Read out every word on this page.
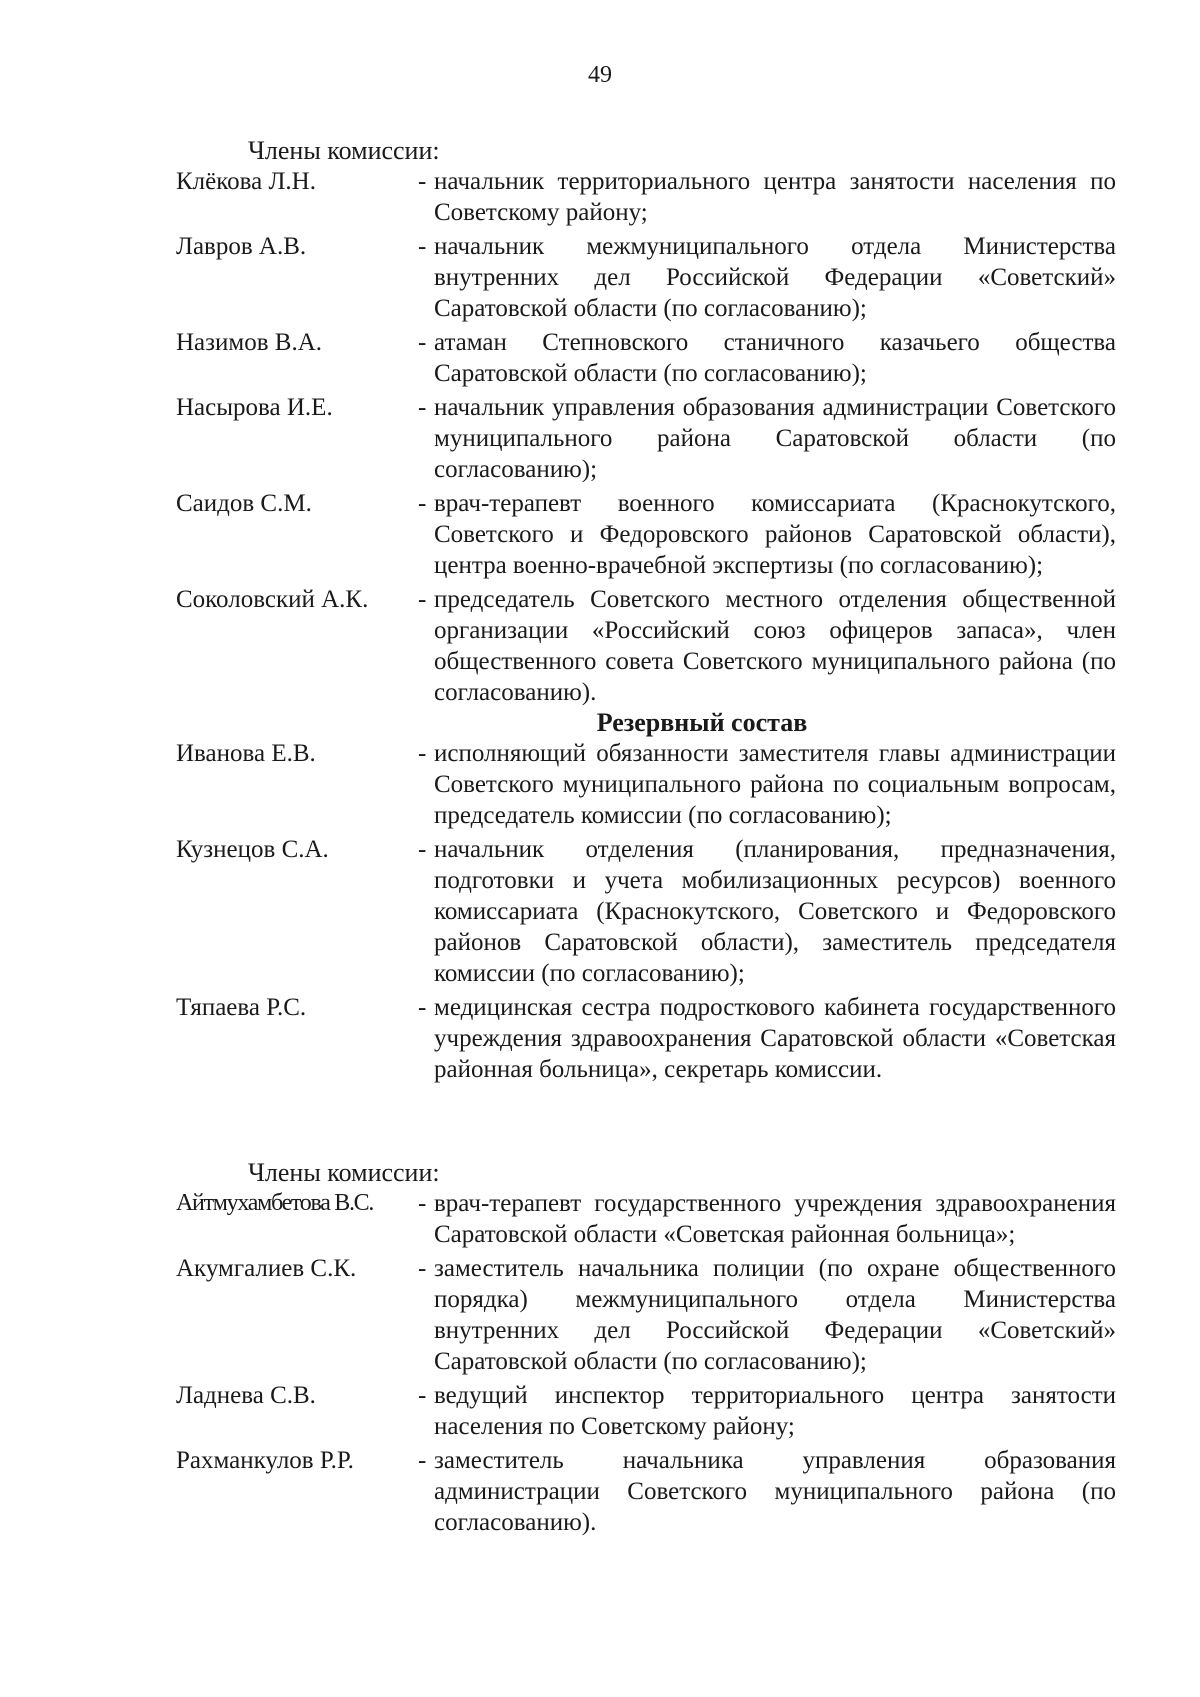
49
Члены комиссии:
Клёкова Л.Н.	- начальник территориального центра занятости населения по Советскому району;
Лавров А.В.	- начальник межмуниципального отдела Министерства внутренних дел Российской Федерации «Советский» Саратовской области (по согласованию);
Назимов В.А.	- атаман Степновского станичного казачьего общества Саратовской области (по согласованию);
Насырова И.Е.	- начальник управления образования администрации Советского муниципального района Саратовской области (по согласованию);
Саидов С.М.	- врач-терапевт военного комиссариата (Краснокутского, Советского и Федоровского районов Саратовской области), центра военно-врачебной экспертизы (по согласованию);
Соколовский А.К.	- председатель Советского местного отделения общественной организации «Российский союз офицеров запаса», член общественного совета Советского муниципального района (по согласованию).
Резервный состав
Иванова Е.В.	- исполняющий обязанности заместителя главы администрации Советского муниципального района по социальным вопросам, председатель комиссии (по согласованию);
Кузнецов С.А.	- начальник отделения (планирования, предназначения, подготовки и учета мобилизационных ресурсов) военного комиссариата (Краснокутского, Советского и Федоровского районов Саратовской области), заместитель председателя комиссии (по согласованию);
Тяпаева Р.С.	- медицинская сестра подросткового кабинета государственного учреждения здравоохранения Саратовской области «Советская районная больница», секретарь комиссии.
Члены комиссии:
Айтмухамбетова В.С.	- врач-терапевт государственного учреждения здравоохранения Саратовской области «Советская районная больница»;
Акумгалиев С.К.	- заместитель начальника полиции (по охране общественного порядка) межмуниципального отдела Министерства внутренних дел Российской Федерации «Советский» Саратовской области (по согласованию);
Ладнева С.В.	- ведущий инспектор территориального центра занятости населения по Советскому району;
Рахманкулов Р.Р.	- заместитель начальника управления образования администрации Советского муниципального района (по согласованию).
